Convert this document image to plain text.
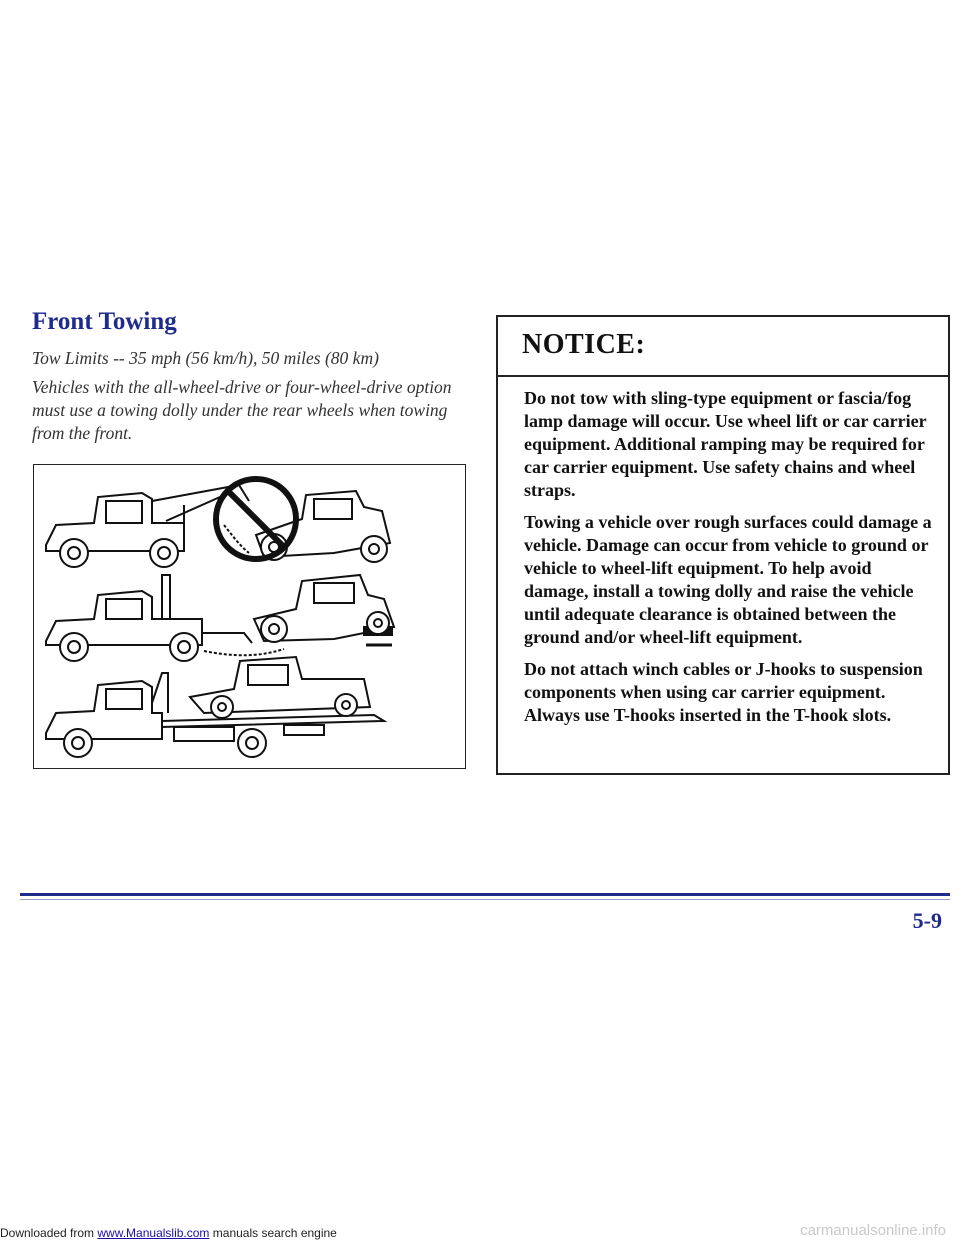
Front Towing

Tow Limits -- 35 mph (56 km/h), 50 miles (80 km)

Vehicles with the all-wheel-drive or four-wheel-drive option must use a towing dolly under the rear wheels when towing from the front.

NOTICE:

Do not tow with sling-type equipment or fascia/fog lamp damage will occur. Use wheel lift or car carrier equipment. Additional ramping may be required for car carrier equipment. Use safety chains and wheel straps.

Towing a vehicle over rough surfaces could damage a vehicle. Damage can occur from vehicle to ground or vehicle to wheel-lift equipment. To help avoid damage, install a towing dolly and raise the vehicle until adequate clearance is obtained between the ground and/or wheel-lift equipment.

Do not attach winch cables or J-hooks to suspension components when using car carrier equipment. Always use T-hooks inserted in the T-hook slots.

5-9
Downloaded from www.Manualslib.com manuals search engine	carmanualsonline.info
